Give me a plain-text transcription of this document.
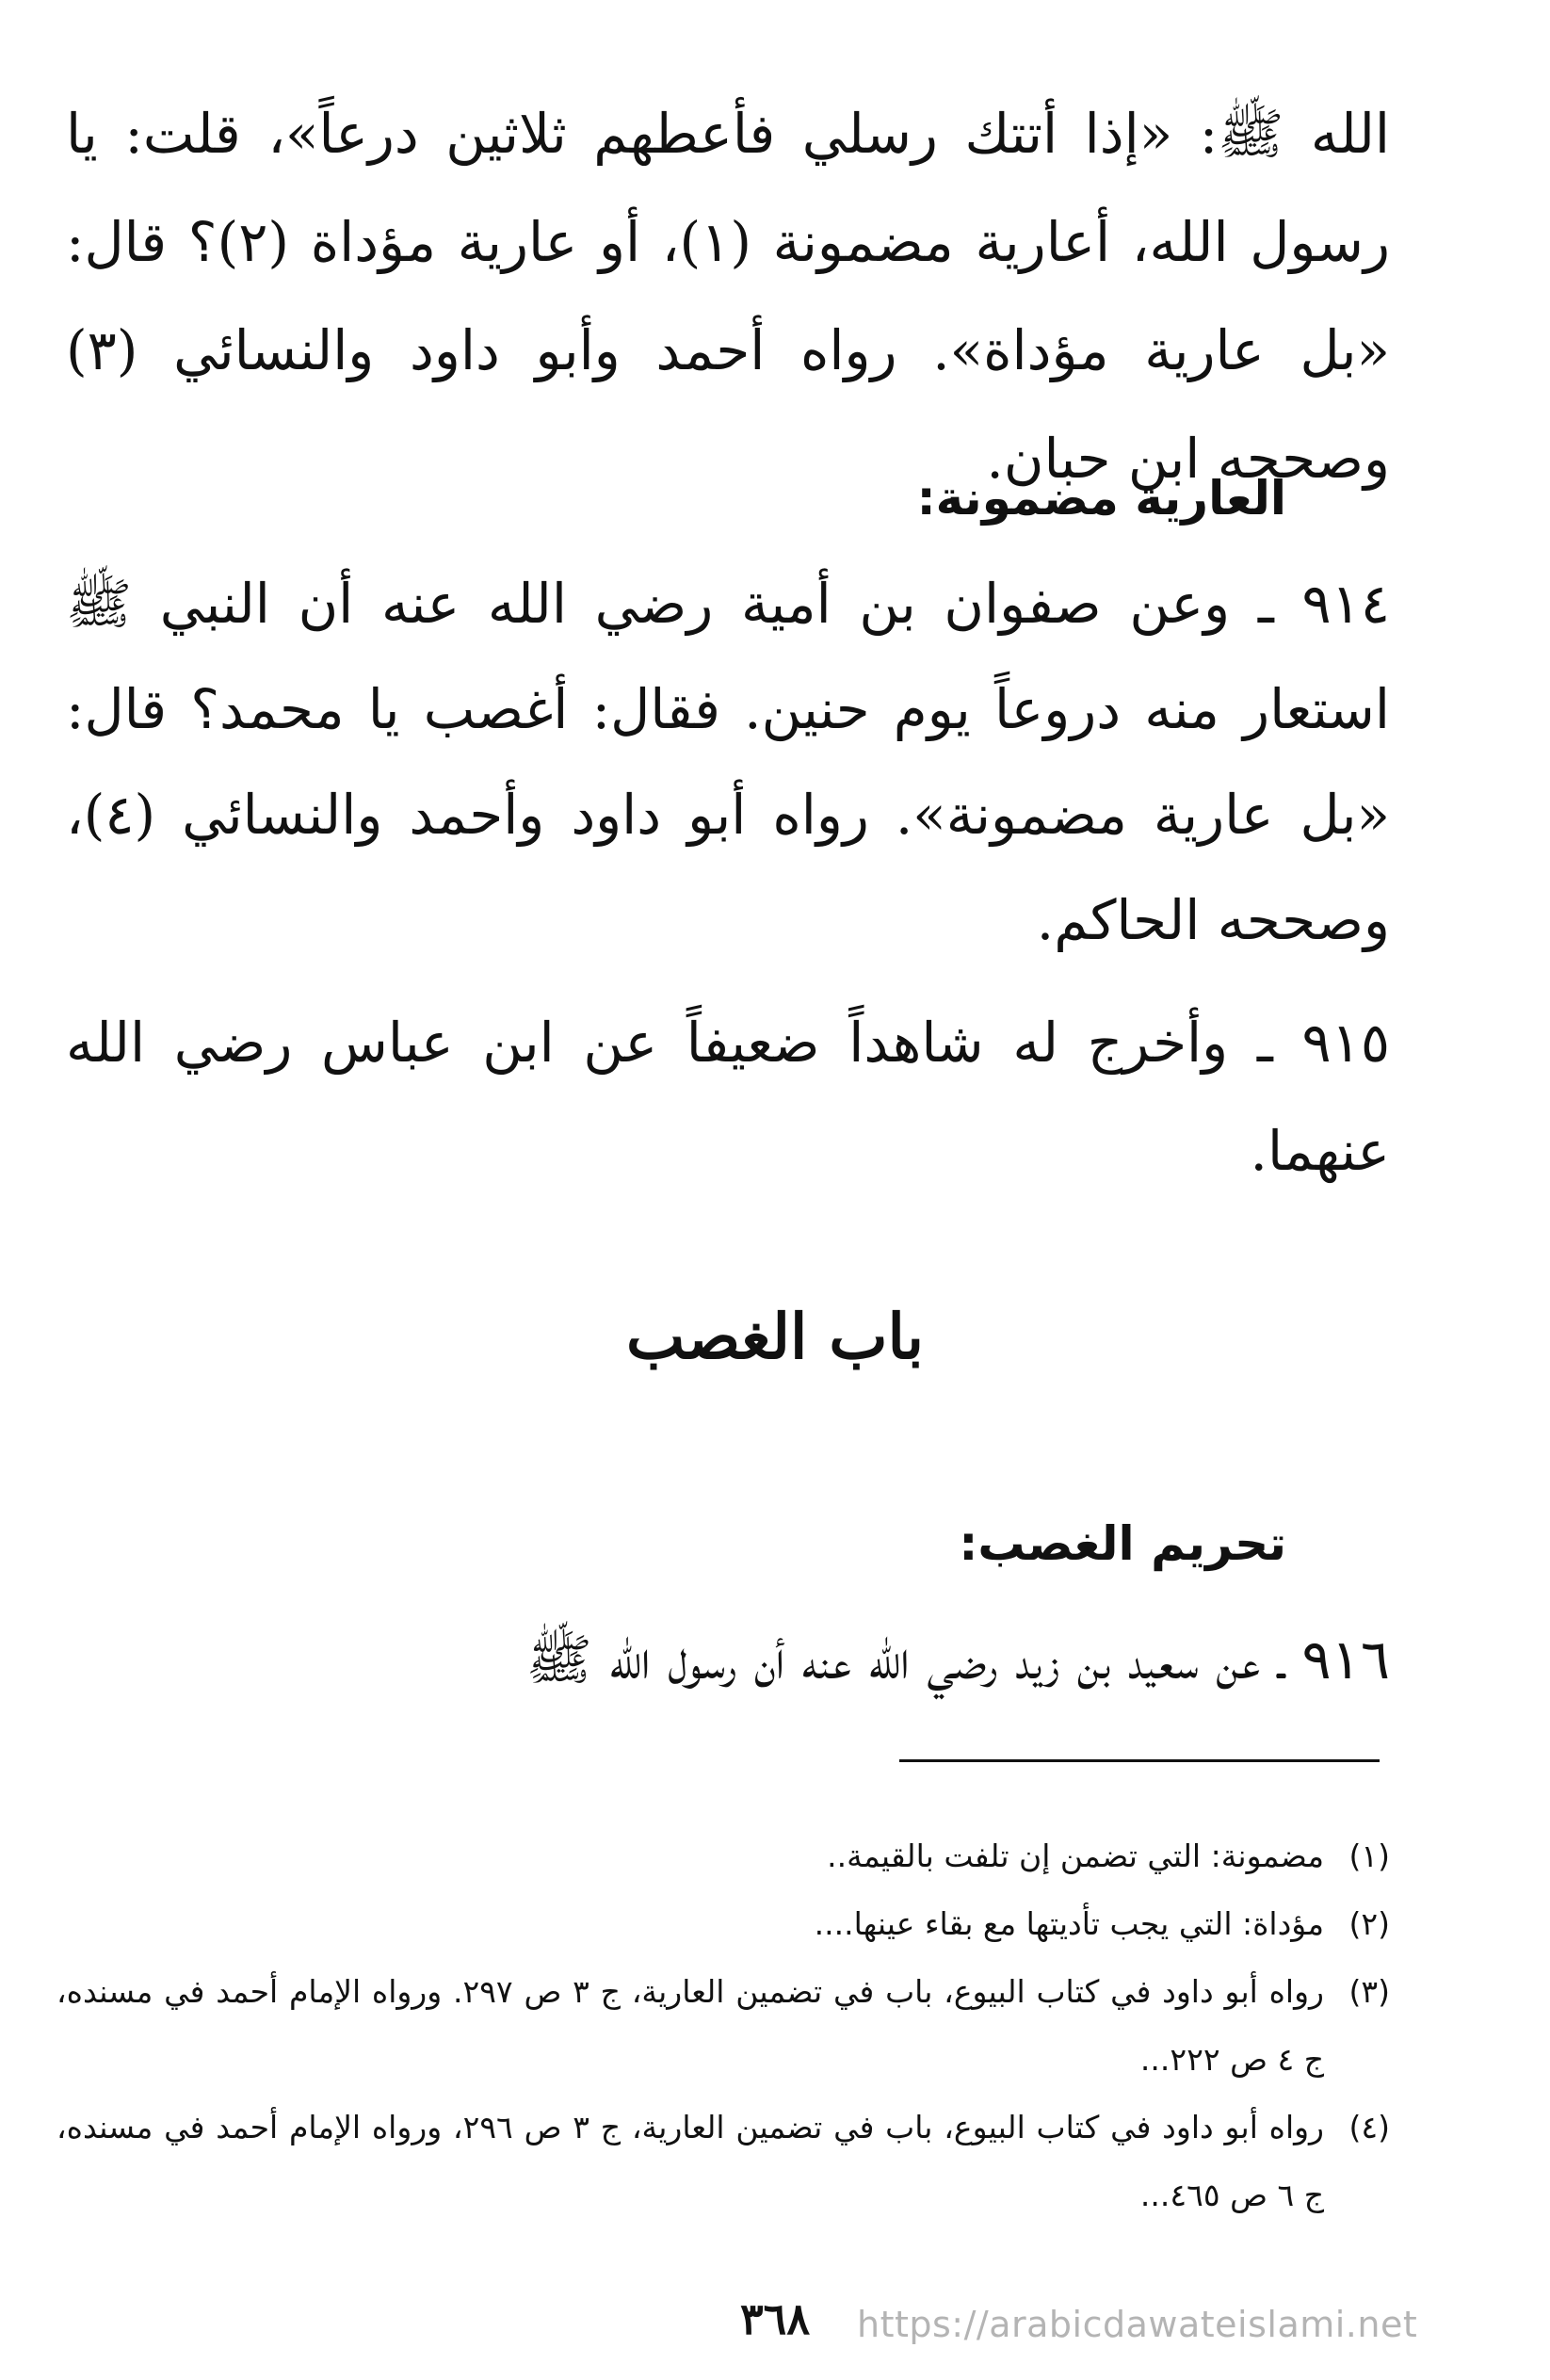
الله ﷺ: «إذا أتتك رسلي فأعطهم ثلاثين درعاً»، قلت: يا رسول الله، أعارية مضمونة (١)، أو عارية مؤداة (٢)؟ قال: «بل عارية مؤداة». رواه أحمد وأبو داود والنسائي (٣) وصححه ابن حبان.

العارية مضمونة:

٩١٤ ـ وعن صفوان بن أمية رضي الله عنه أن النبي ﷺ استعار منه دروعاً يوم حنين. فقال: أغصب يا محمد؟ قال: «بل عارية مضمونة». رواه أبو داود وأحمد والنسائي (٤)، وصححه الحاكم.

٩١٥ ـ وأخرج له شاهداً ضعيفاً عن ابن عباس رضي الله عنهما.

باب الغصب
تحريم الغصب:

٩١٦ ـ عن سعيد بن زيد رضي الله عنه أن رسول الله ﷺ

(١)
مضمونة: التي تضمن إن تلفت بالقيمة..
(٢)
مؤداة: التي يجب تأديتها مع بقاء عينها....
(٣)
رواه أبو داود في كتاب البيوع، باب في تضمين العارية، ج ٣ ص ٢٩٧. ورواه الإمام أحمد في مسنده، ج ٤ ص ٢٢٢...
(٤)
رواه أبو داود في كتاب البيوع، باب في تضمين العارية، ج ٣ ص ٢٩٦، ورواه الإمام أحمد في مسنده، ج ٦ ص ٤٦٥...
٣٦٨	https://arabicdawateislami.net
